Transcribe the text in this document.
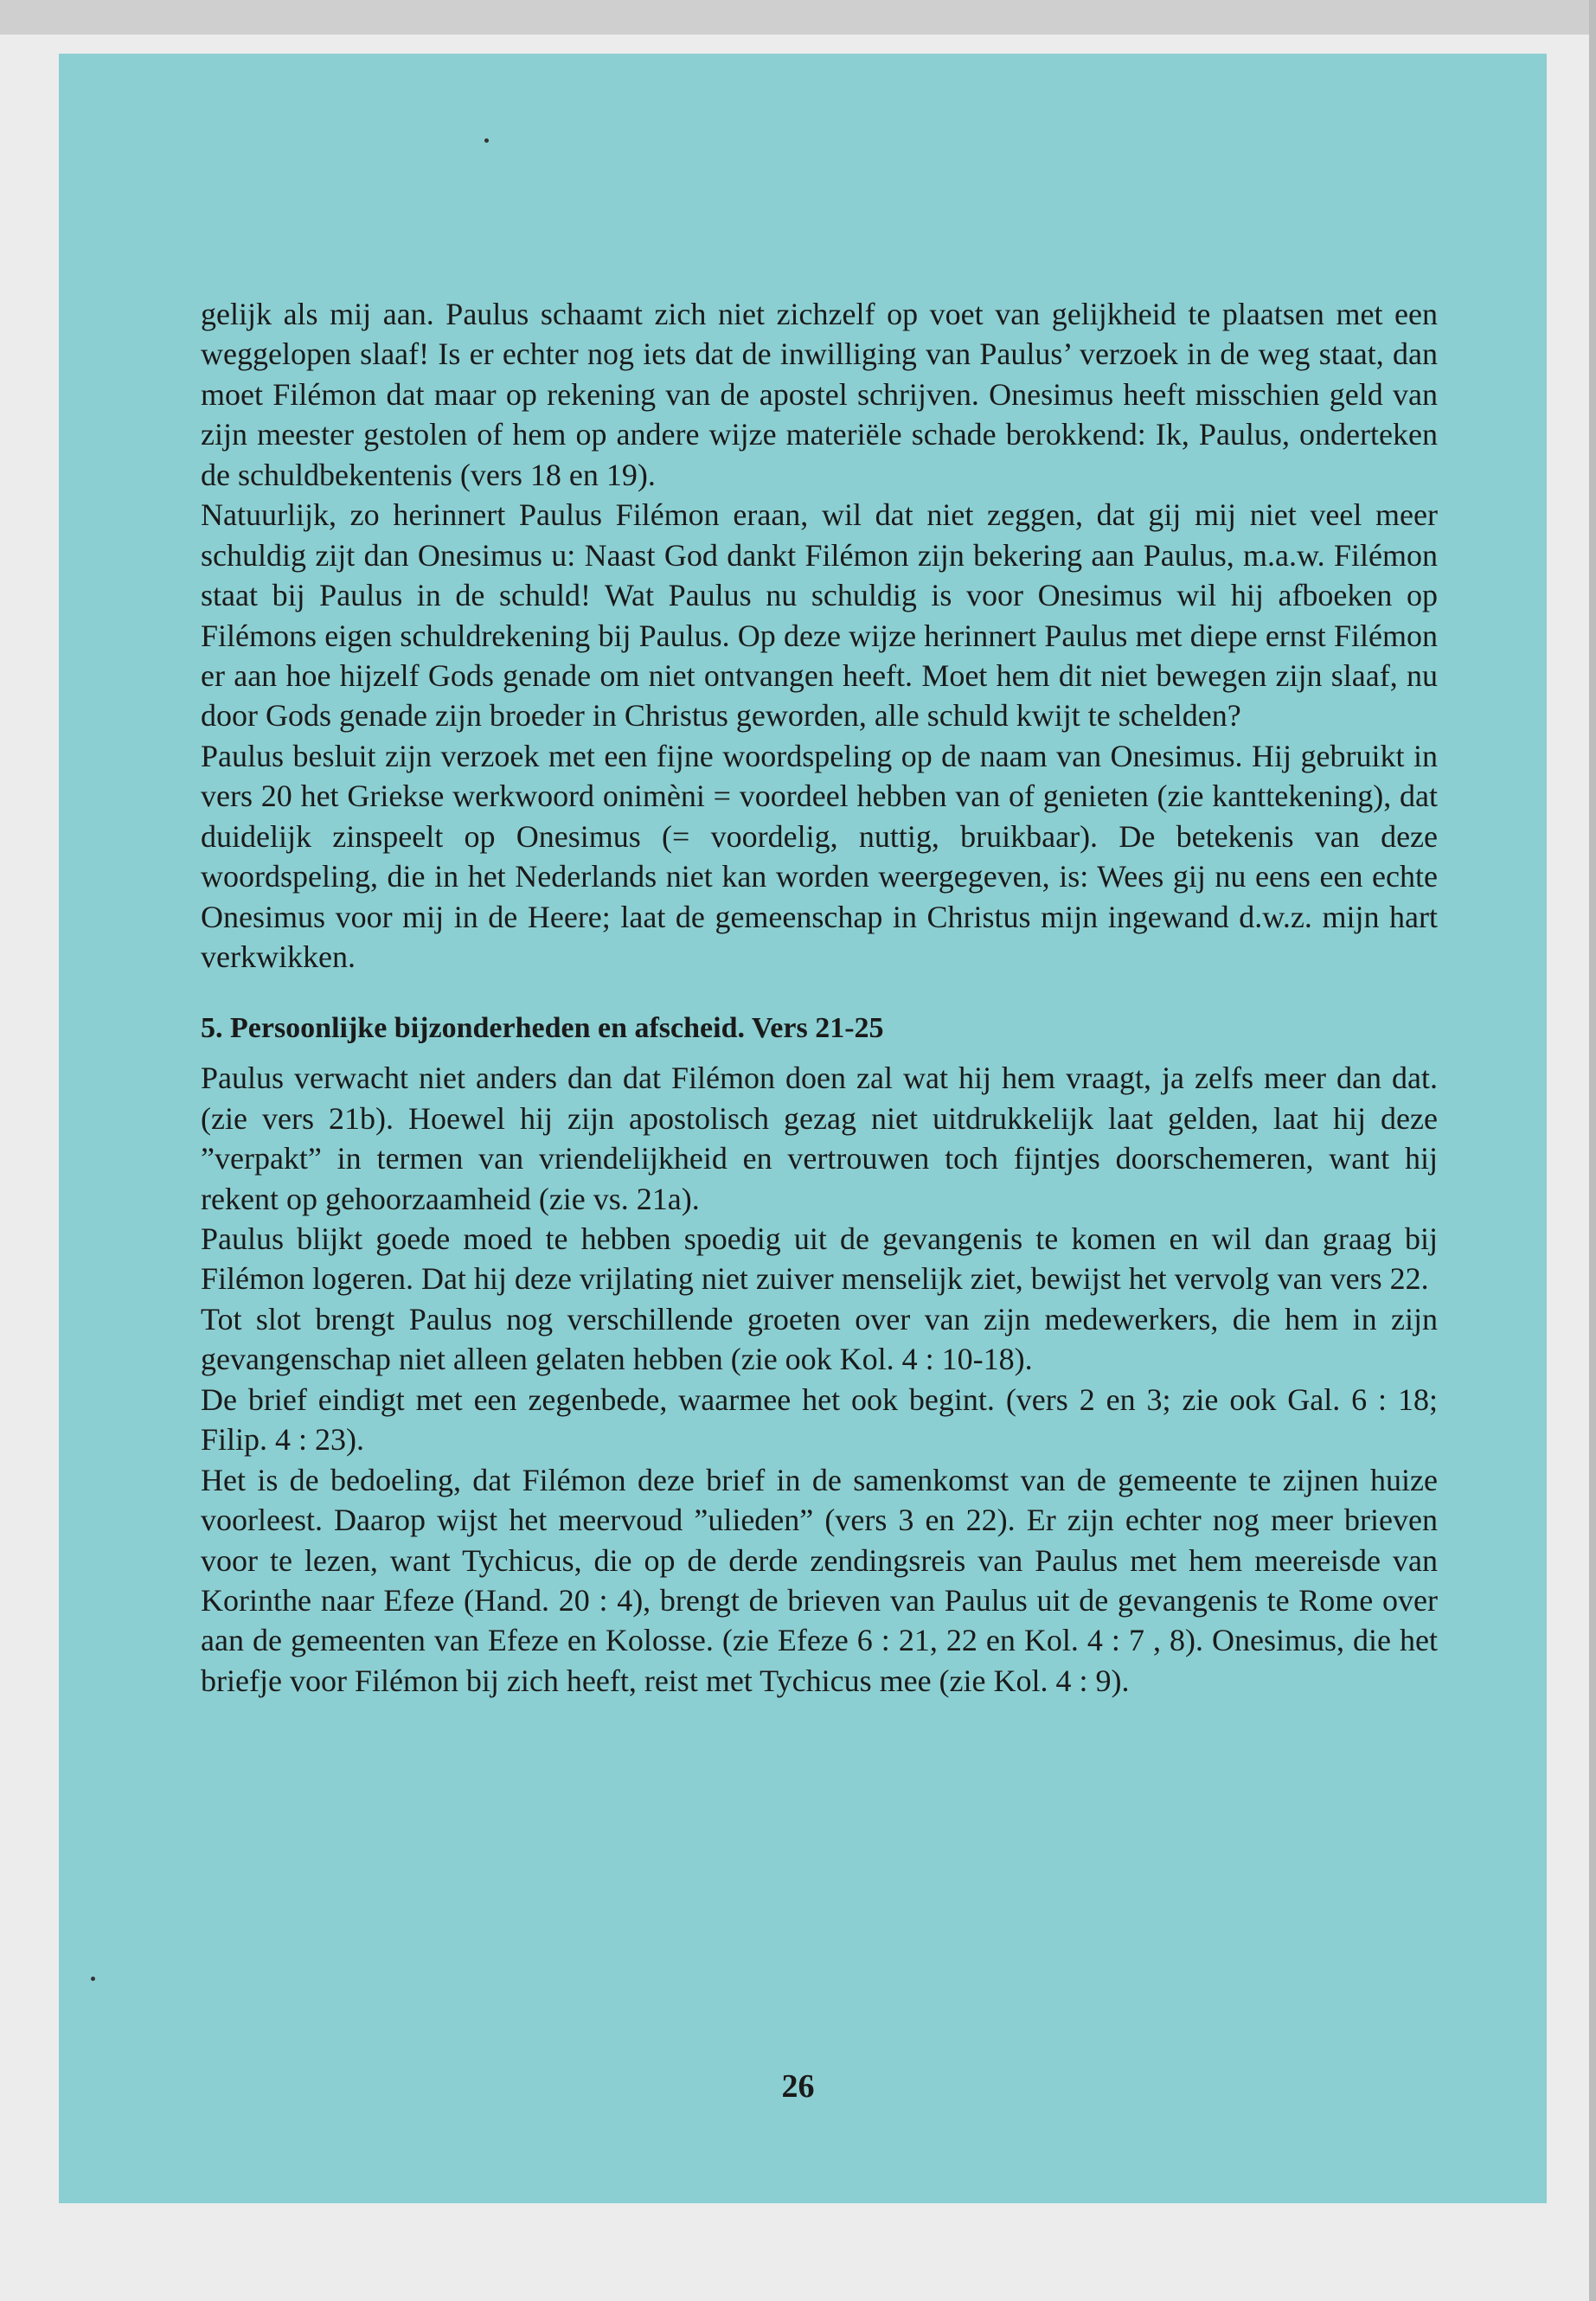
gelijk als mij aan. Paulus schaamt zich niet zichzelf op voet van gelijkheid te plaatsen met een weggelopen slaaf! Is er echter nog iets dat de inwilliging van Paulus’ verzoek in de weg staat, dan moet Filémon dat maar op rekening van de apostel schrijven. Onesimus heeft misschien geld van zijn meester gestolen of hem op andere wijze materiële schade berokkend: Ik, Paulus, onderteken de schuldbekentenis (vers 18 en 19).

Natuurlijk, zo herinnert Paulus Filémon eraan, wil dat niet zeggen, dat gij mij niet veel meer schuldig zijt dan Onesimus u: Naast God dankt Filémon zijn bekering aan Paulus, m.a.w. Filémon staat bij Paulus in de schuld! Wat Paulus nu schuldig is voor Onesimus wil hij afboeken op Filémons eigen schuldrekening bij Paulus. Op deze wijze herinnert Paulus met diepe ernst Filémon er aan hoe hijzelf Gods genade om niet ontvangen heeft. Moet hem dit niet bewegen zijn slaaf, nu door Gods genade zijn broeder in Christus geworden, alle schuld kwijt te schelden?

Paulus besluit zijn verzoek met een fijne woordspeling op de naam van Onesimus. Hij gebruikt in vers 20 het Griekse werkwoord onimèni = voordeel hebben van of genieten (zie kanttekening), dat duidelijk zinspeelt op Onesimus (= voordelig, nuttig, bruikbaar). De betekenis van deze woordspeling, die in het Nederlands niet kan worden weergegeven, is: Wees gij nu eens een echte Onesimus voor mij in de Heere; laat de gemeenschap in Christus mijn ingewand d.w.z. mijn hart verkwikken.

5. Persoonlijke bijzonderheden en afscheid. Vers 21-25

Paulus verwacht niet anders dan dat Filémon doen zal wat hij hem vraagt, ja zelfs meer dan dat. (zie vers 21b). Hoewel hij zijn apostolisch gezag niet uitdrukkelijk laat gelden, laat hij deze ”verpakt” in termen van vriendelijkheid en vertrouwen toch fijntjes doorschemeren, want hij rekent op gehoorzaamheid (zie vs. 21a).

Paulus blijkt goede moed te hebben spoedig uit de gevangenis te komen en wil dan graag bij Filémon logeren. Dat hij deze vrijlating niet zuiver menselijk ziet, bewijst het vervolg van vers 22.

Tot slot brengt Paulus nog verschillende groeten over van zijn medewerkers, die hem in zijn gevangenschap niet alleen gelaten hebben (zie ook Kol. 4 : 10-18).

De brief eindigt met een zegenbede, waarmee het ook begint. (vers 2 en 3; zie ook Gal. 6 : 18; Filip. 4 : 23).

Het is de bedoeling, dat Filémon deze brief in de samenkomst van de gemeente te zijnen huize voorleest. Daarop wijst het meervoud ”ulieden” (vers 3 en 22). Er zijn echter nog meer brieven voor te lezen, want Tychicus, die op de derde zendingsreis van Paulus met hem meereisde van Korinthe naar Efeze (Hand. 20 : 4), brengt de brieven van Paulus uit de gevangenis te Rome over aan de gemeenten van Efeze en Kolosse. (zie Efeze 6 : 21, 22 en Kol. 4 : 7 , 8). Onesimus, die het briefje voor Filémon bij zich heeft, reist met Tychicus mee (zie Kol. 4 : 9).

26
